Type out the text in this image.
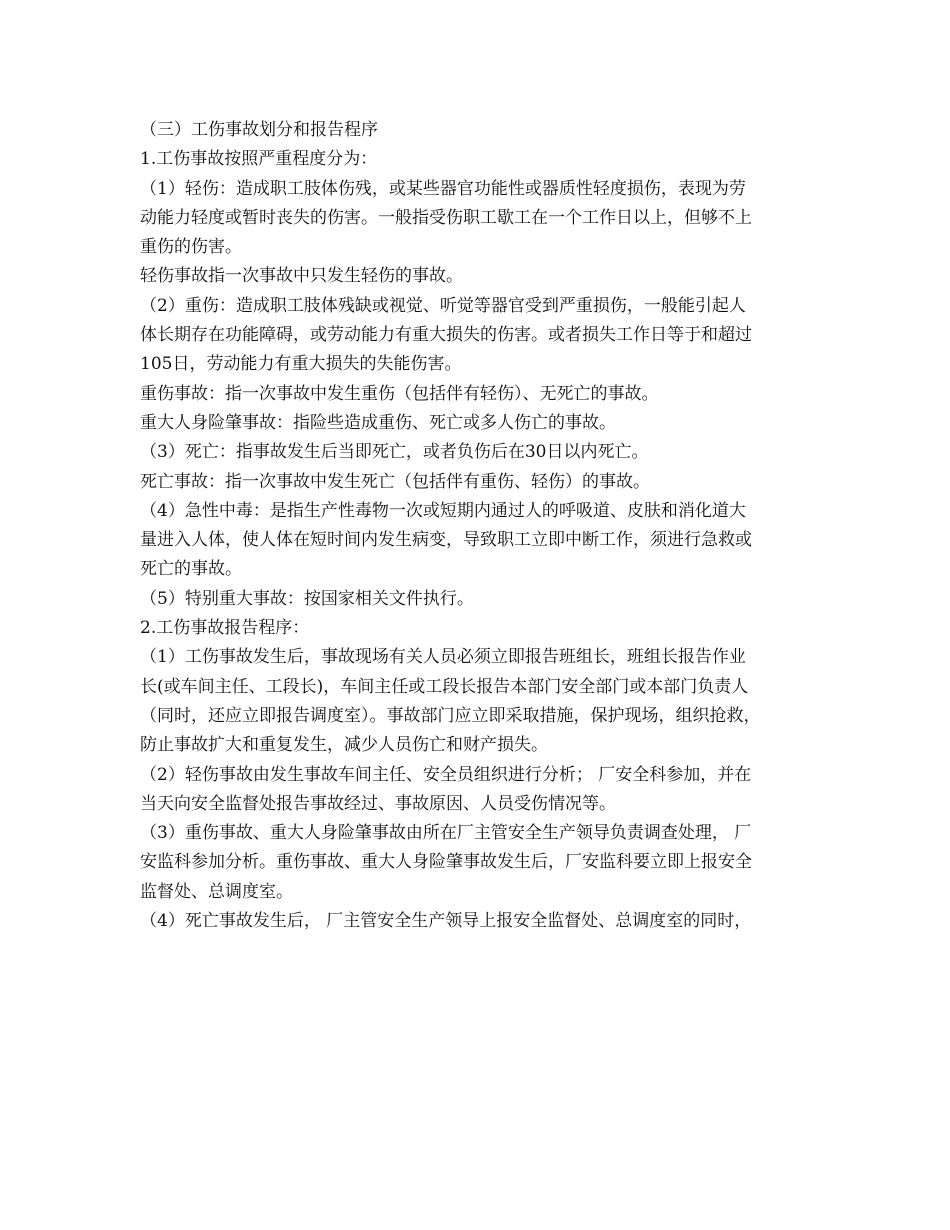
（三）工伤事故划分和报告程序
1.工伤事故按照严重程度分为：
（1）轻伤：造成职工肢体伤残，或某些器官功能性或器质性轻度损伤，表现为劳
动能力轻度或暂时丧失的伤害。一般指受伤职工歇工在一个工作日以上，但够不上
重伤的伤害。
轻伤事故指一次事故中只发生轻伤的事故。
（2）重伤：造成职工肢体残缺或视觉、听觉等器官受到严重损伤，一般能引起人
体长期存在功能障碍，或劳动能力有重大损失的伤害。或者损失工作日等于和超过
105日，劳动能力有重大损失的失能伤害。
重伤事故：指一次事故中发生重伤（包括伴有轻伤）、无死亡的事故。
重大人身险肇事故：指险些造成重伤、死亡或多人伤亡的事故。
（3）死亡：指事故发生后当即死亡，或者负伤后在30日以内死亡。
死亡事故：指一次事故中发生死亡（包括伴有重伤、轻伤）的事故。
（4）急性中毒：是指生产性毒物一次或短期内通过人的呼吸道、皮肤和消化道大
量进入人体，使人体在短时间内发生病变，导致职工立即中断工作，须进行急救或
死亡的事故。
（5）特别重大事故：按国家相关文件执行。
2.工伤事故报告程序：
（1）工伤事故发生后，事故现场有关人员必须立即报告班组长，班组长报告作业
长(或车间主任、工段长)，车间主任或工段长报告本部门安全部门或本部门负责人
（同时，还应立即报告调度室）。事故部门应立即采取措施，保护现场，组织抢救，
防止事故扩大和重复发生，减少人员伤亡和财产损失。
（2）轻伤事故由发生事故车间主任、安全员组织进行分析； 厂安全科参加，并在
当天向安全监督处报告事故经过、事故原因、人员受伤情况等。
（3）重伤事故、重大人身险肇事故由所在厂主管安全生产领导负责调查处理， 厂
安监科参加分析。重伤事故、重大人身险肇事故发生后，厂安监科要立即上报安全
监督处、总调度室。
（4）死亡事故发生后， 厂主管安全生产领导上报安全监督处、总调度室的同时，
